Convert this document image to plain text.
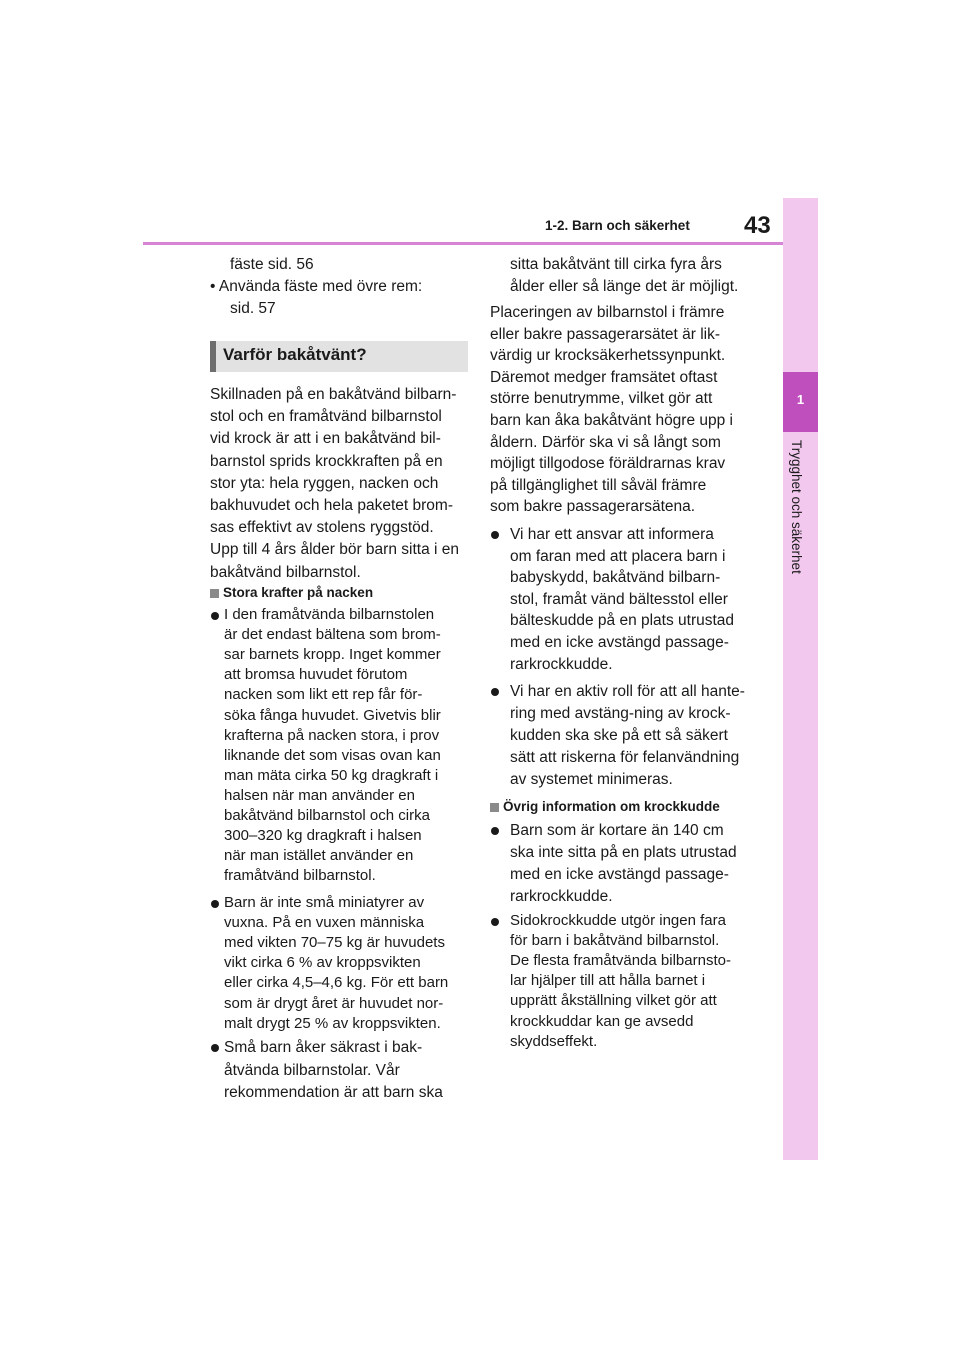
1-2. Barn och säkerhet 43
1
Trygghet och säkerhet

fäste sid. 56

• Använda fäste med övre rem:

sid. 57

Varför bakåtvänt?

Skillnaden på en bakåtvänd bilbarn-

stol och en framåtvänd bilbarnstol

vid krock är att i en bakåtvänd bil-

barnstol sprids krockkraften på en

stor yta: hela ryggen, nacken och

bakhuvudet och hela paketet brom-

sas effektivt av stolens ryggstöd.

Upp till 4 års ålder bör barn sitta i en

bakåtvänd bilbarnstol.

Stora krafter på nacken

I den framåtvända bilbarnstolen

är det endast bältena som brom-

sar barnets kropp. Inget kommer

att bromsa huvudet förutom

nacken som likt ett rep får för-

söka fånga huvudet. Givetvis blir

krafterna på nacken stora, i prov

liknande det som visas ovan kan

man mäta cirka 50 kg dragkraft i

halsen när man använder en

bakåtvänd bilbarnstol och cirka

300–320 kg dragkraft i halsen

när man istället använder en

framåtvänd bilbarnstol.

Barn är inte små miniatyrer av

vuxna. På en vuxen människa

med vikten 70–75 kg är huvudets

vikt cirka 6 % av kroppsvikten

eller cirka 4,5–4,6 kg. För ett barn

som är drygt året är huvudet nor-

malt drygt 25 % av kroppsvikten.

Små barn åker säkrast i bak-

åtvända bilbarnstolar. Vår

rekommendation är att barn ska

sitta bakåtvänt till cirka fyra års

ålder eller så länge det är möjligt.

Placeringen av bilbarnstol i främre

eller bakre passagerarsätet är lik-

värdig ur krocksäkerhetssynpunkt.

Däremot medger framsätet oftast

större benutrymme, vilket gör att

barn kan åka bakåtvänt högre upp i

åldern. Därför ska vi så långt som

möjligt tillgodose föräldrarnas krav

på tillgänglighet till såväl främre

som bakre passagerarsätena.

Vi har ett ansvar att informera

om faran med att placera barn i

babyskydd, bakåtvänd bilbarn-

stol, framåt vänd bältesstol eller

bälteskudde på en plats utrustad

med en icke avstängd passage-

rarkrockkudde.

Vi har en aktiv roll för att all hante-

ring med avstäng-ning av krock-

kudden ska ske på ett så säkert

sätt att riskerna för felanvändning

av systemet minimeras.

Övrig information om krockkudde

Barn som är kortare än 140 cm

ska inte sitta på en plats utrustad

med en icke avstängd passage-

rarkrockkudde.

Sidokrockkudde utgör ingen fara

för barn i bakåtvänd bilbarnstol.

De flesta framåtvända bilbarnsto-

lar hjälper till att hålla barnet i

upprätt åkställning vilket gör att

krockkuddar kan ge avsedd

skyddseffekt.
